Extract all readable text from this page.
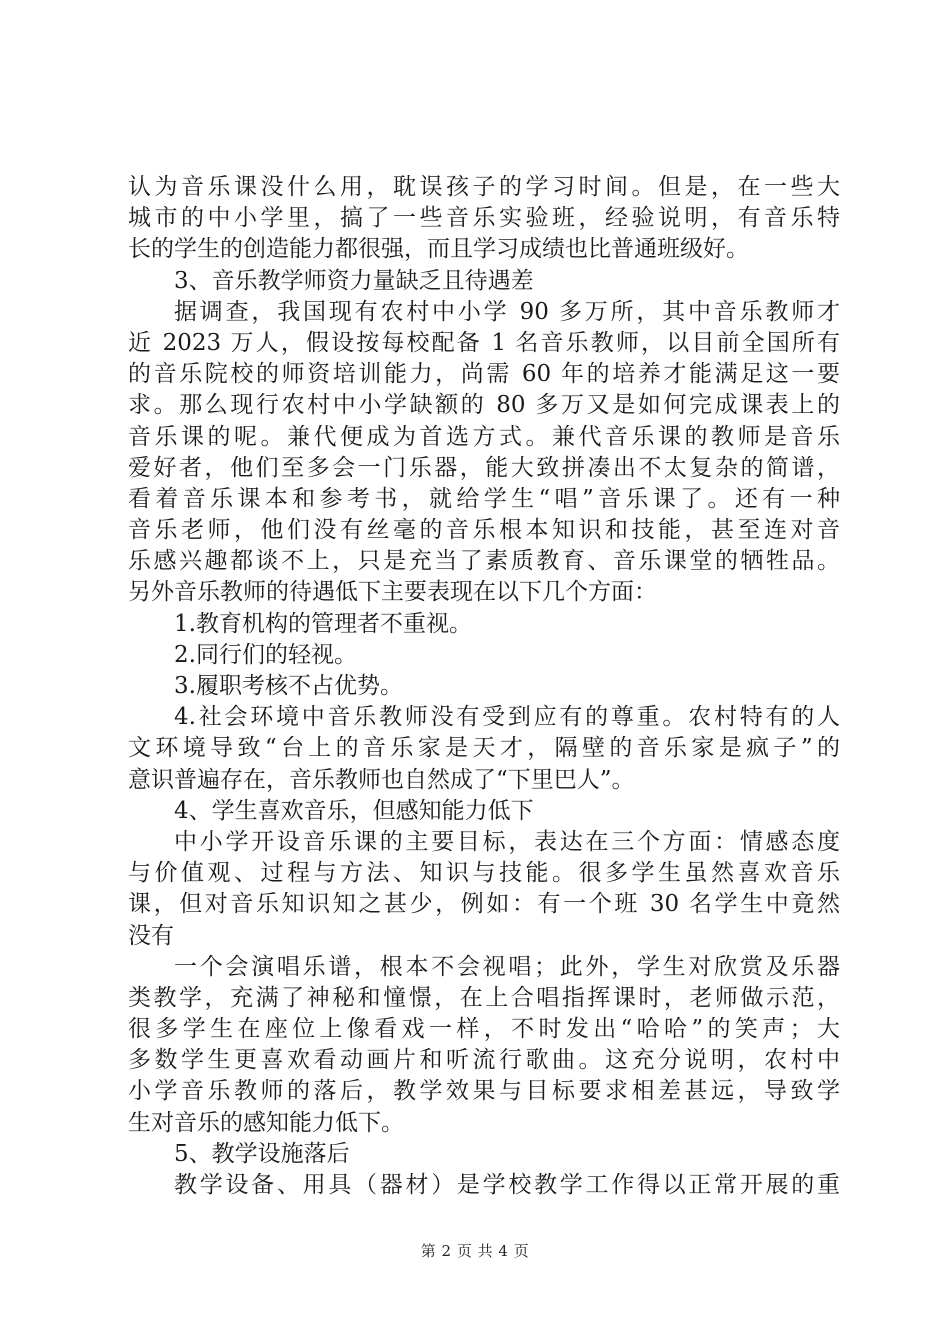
认为音乐课没什么用，耽误孩子的学习时间。但是，在一些大
城市的中小学里，搞了一些音乐实验班，经验说明，有音乐特
长的学生的创造能力都很强，而且学习成绩也比普通班级好。
3、音乐教学师资力量缺乏且待遇差
据调查，我国现有农村中小学 90 多万所，其中音乐教师才
近 2023 万人，假设按每校配备 1 名音乐教师，以目前全国所有
的音乐院校的师资培训能力，尚需 60 年的培养才能满足这一要
求。那么现行农村中小学缺额的 80 多万又是如何完成课表上的
音乐课的呢。兼代便成为首选方式。兼代音乐课的教师是音乐
爱好者，他们至多会一门乐器，能大致拼凑出不太复杂的简谱，
看着音乐课本和参考书，就给学生“唱”音乐课了。还有一种
音乐老师，他们没有丝毫的音乐根本知识和技能，甚至连对音
乐感兴趣都谈不上，只是充当了素质教育、音乐课堂的牺牲品。
另外音乐教师的待遇低下主要表现在以下几个方面：
1.教育机构的管理者不重视。
2.同行们的轻视。
3.履职考核不占优势。
4.社会环境中音乐教师没有受到应有的尊重。农村特有的人
文环境导致“台上的音乐家是天才，隔壁的音乐家是疯子”的
意识普遍存在，音乐教师也自然成了“下里巴人”。
4、学生喜欢音乐，但感知能力低下
中小学开设音乐课的主要目标，表达在三个方面：情感态度
与价值观、过程与方法、知识与技能。很多学生虽然喜欢音乐
课，但对音乐知识知之甚少，例如：有一个班 30 名学生中竟然
没有
一个会演唱乐谱，根本不会视唱；此外，学生对欣赏及乐器
类教学，充满了神秘和憧憬，在上合唱指挥课时，老师做示范，
很多学生在座位上像看戏一样，不时发出“哈哈”的笑声；大
多数学生更喜欢看动画片和听流行歌曲。这充分说明，农村中
小学音乐教师的落后，教学效果与目标要求相差甚远，导致学
生对音乐的感知能力低下。
5、教学设施落后
教学设备、用具（器材）是学校教学工作得以正常开展的重
第 2 页 共 4 页
